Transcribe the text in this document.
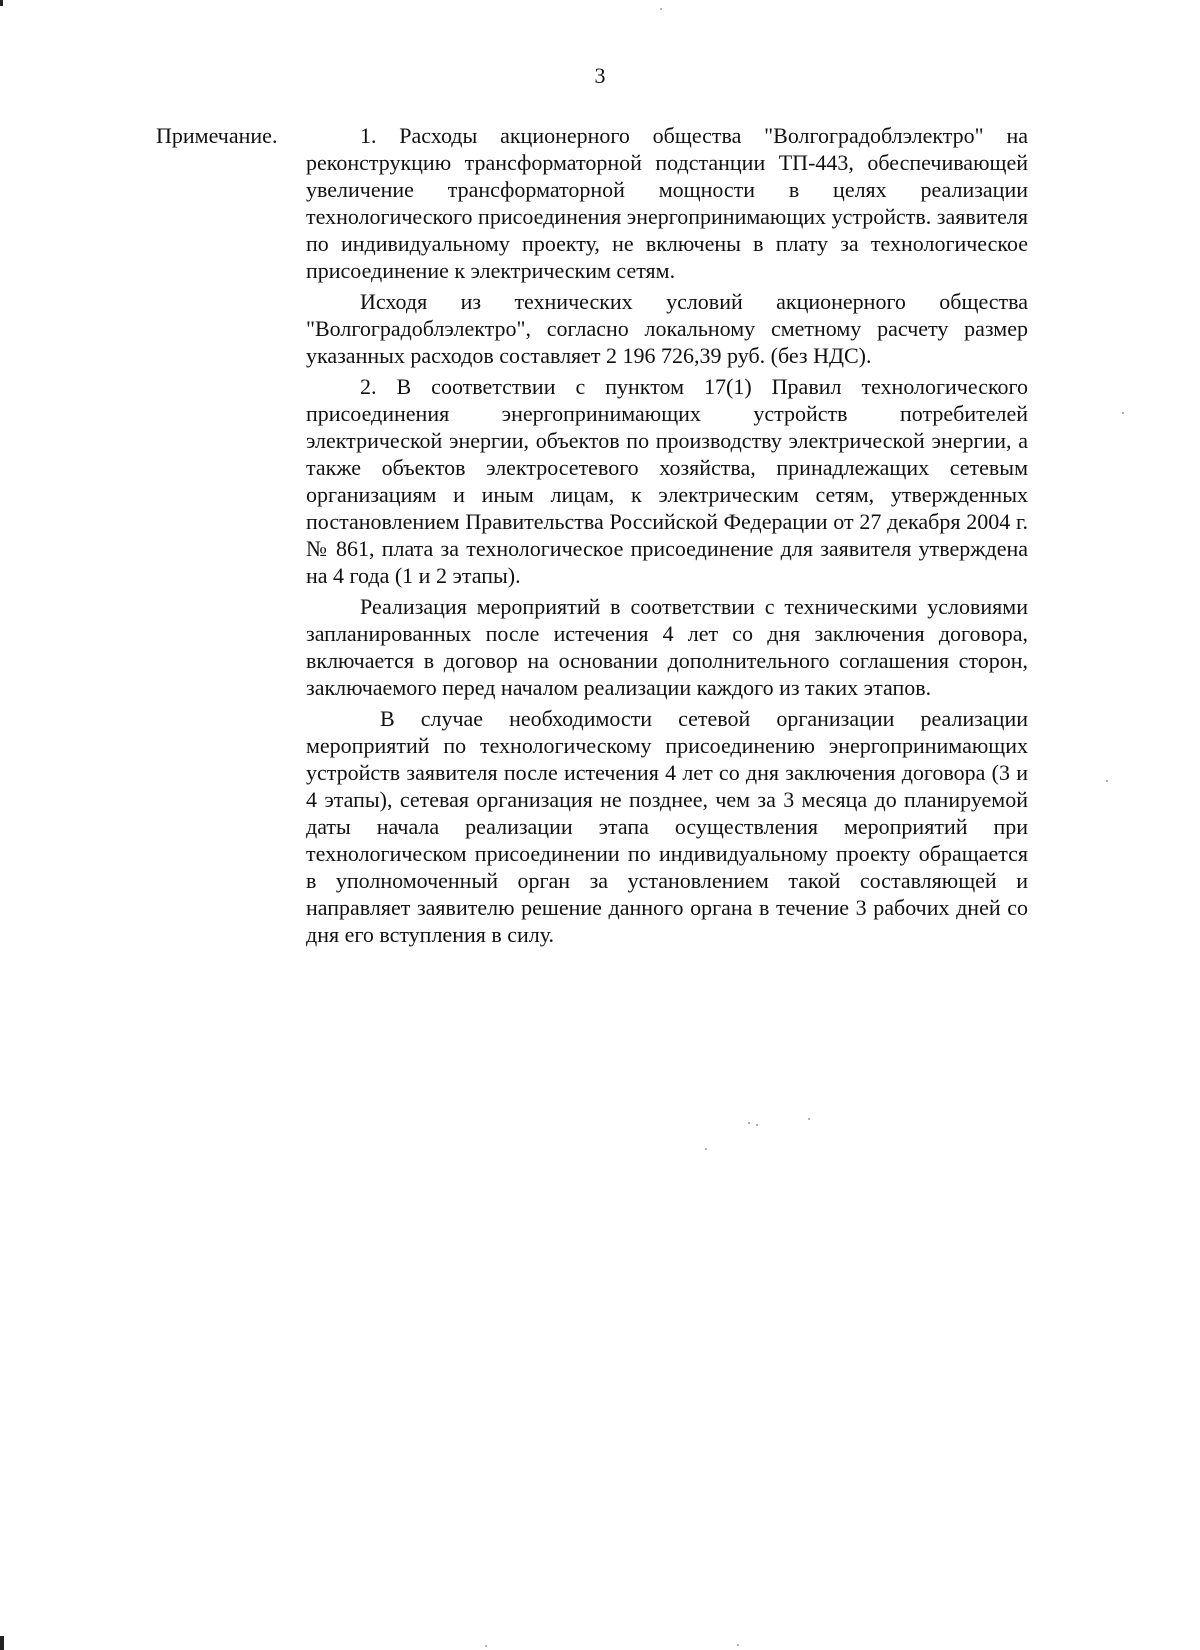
3
Примечание.	1. Расходы акционерного общества "Волгоградоблэлектро" на реконструкцию трансформаторной подстанции ТП-443, обеспечивающей увеличение трансформаторной мощности в целях реализации технологического присоединения энергопринимающих устройств. заявителя по индивидуальному проекту, не включены в плату за технологическое присоединение к электрическим сетям.

Исходя из технических условий акционерного общества "Волгоградоблэлектро", согласно локальному сметному расчету размер указанных расходов составляет 2 196 726,39 руб. (без НДС).

2. В соответствии с пунктом 17(1) Правил технологического присоединения энергопринимающих устройств потребителей электрической энергии, объектов по производству электрической энергии, а также объектов электросетевого хозяйства, принадлежащих сетевым организациям и иным лицам, к электрическим сетям, утвержденных постановлением Правительства Российской Федерации от 27 декабря 2004 г. № 861, плата за технологическое присоединение для заявителя утверждена на 4 года (1 и 2 этапы).

Реализация мероприятий в соответствии с техническими условиями запланированных после истечения 4 лет со дня заключения договора, включается в договор на основании дополнительного соглашения сторон, заключаемого перед началом реализации каждого из таких этапов.

В случае необходимости сетевой организации реализации мероприятий по технологическому присоединению энергопринимающих устройств заявителя после истечения 4 лет со дня заключения договора (3 и 4 этапы), сетевая организация не позднее, чем за 3 месяца до планируемой даты начала реализации этапа осуществления мероприятий при технологическом присоединении по индивидуальному проекту обращается в уполномоченный орган за установлением такой составляющей и направляет заявителю решение данного органа в течение 3 рабочих дней со дня его вступления в силу.
